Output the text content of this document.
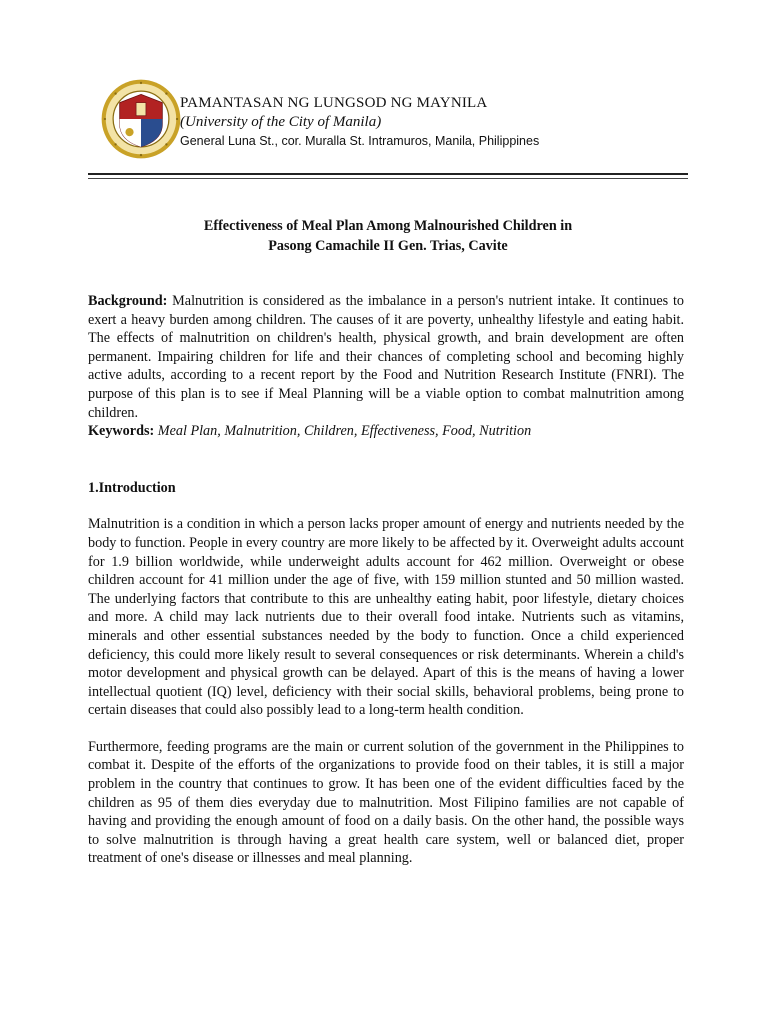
PAMANTASAN NG LUNGSOD NG MAYNILA
(University of the City of Manila)
General Luna St., cor. Muralla St. Intramuros, Manila, Philippines
Effectiveness of Meal Plan Among Malnourished Children in
Pasong Camachile II Gen. Trias, Cavite

Background: Malnutrition is considered as the imbalance in a person's nutrient intake. It continues to exert a heavy burden among children. The causes of it are poverty, unhealthy lifestyle and eating habit. The effects of malnutrition on children's health, physical growth, and brain development are often permanent. Impairing children for life and their chances of completing school and becoming highly active adults, according to a recent report by the Food and Nutrition Research Institute (FNRI). The purpose of this plan is to see if Meal Planning will be a viable option to combat malnutrition among children.

Keywords: Meal Plan, Malnutrition, Children, Effectiveness, Food, Nutrition

1.Introduction

Malnutrition is a condition in which a person lacks proper amount of energy and nutrients needed by the body to function. People in every country are more likely to be affected by it. Overweight adults account for 1.9 billion worldwide, while underweight adults account for 462 million. Overweight or obese children account for 41 million under the age of five, with 159 million stunted and 50 million wasted. The underlying factors that contribute to this are unhealthy eating habit, poor lifestyle, dietary choices and more. A child may lack nutrients due to their overall food intake. Nutrients such as vitamins, minerals and other essential substances needed by the body to function. Once a child experienced deficiency, this could more likely result to several consequences or risk determinants. Wherein a child's motor development and physical growth can be delayed. Apart of this is the means of having a lower intellectual quotient (IQ) level, deficiency with their social skills, behavioral problems, being prone to certain diseases that could also possibly lead to a long-term health condition.

Furthermore, feeding programs are the main or current solution of the government in the Philippines to combat it. Despite of the efforts of the organizations to provide food on their tables, it is still a major problem in the country that continues to grow. It has been one of the evident difficulties faced by the children as 95 of them dies everyday due to malnutrition. Most Filipino families are not capable of having and providing the enough amount of food on a daily basis. On the other hand, the possible ways to solve malnutrition is through having a great health care system, well or balanced diet, proper treatment of one's disease or illnesses and meal planning.
